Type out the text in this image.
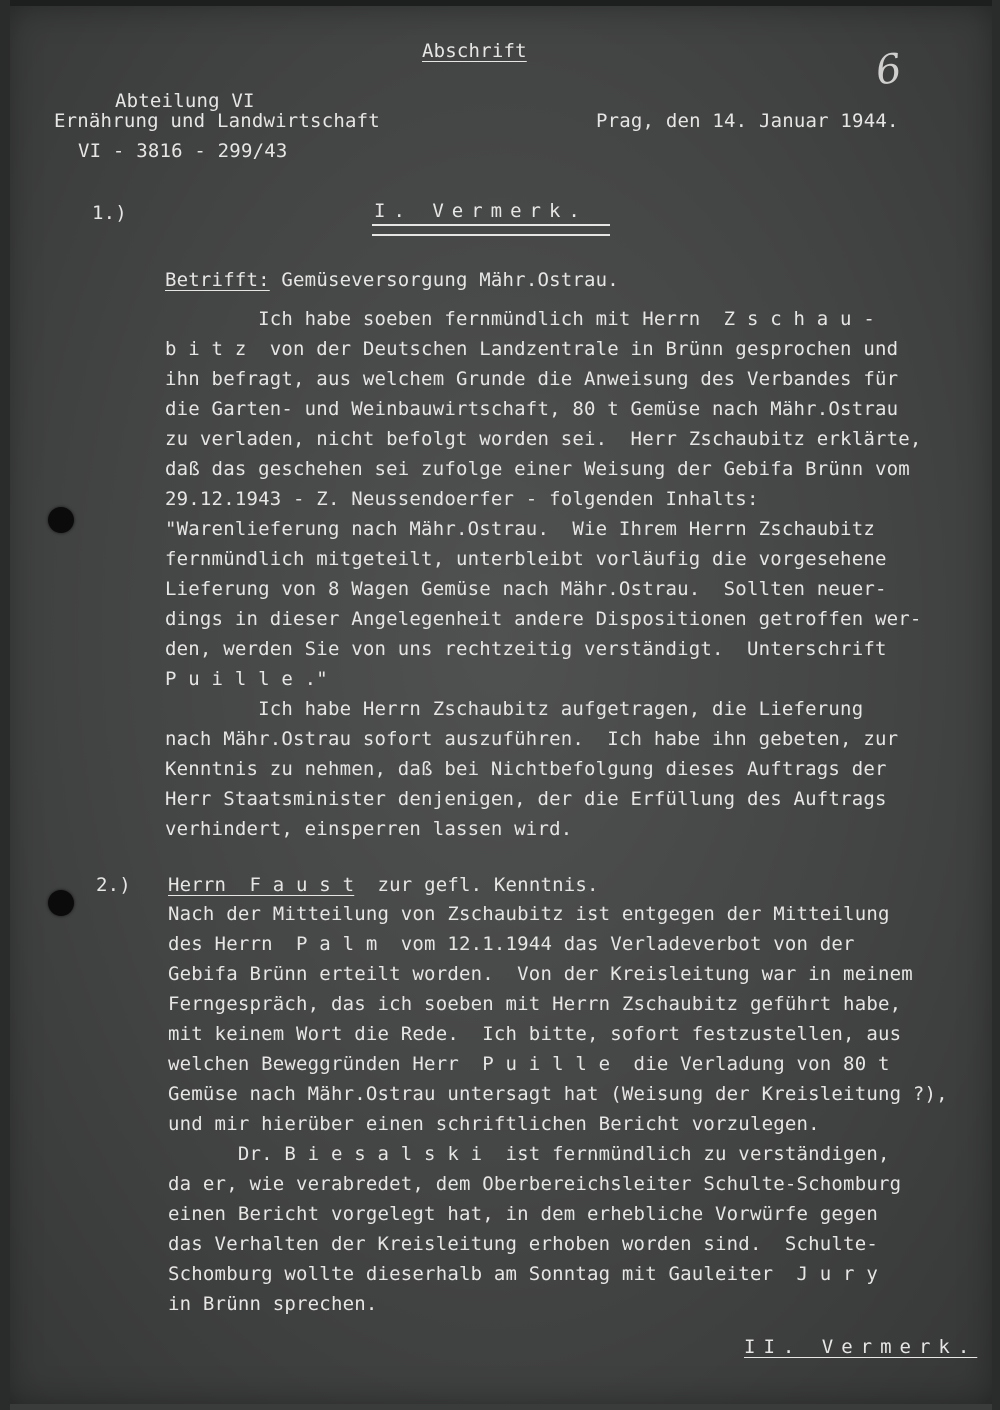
Abschrift	6

Abteilung VI

Ernährung und Landwirtschaft

VI - 3816 - 299/43

Prag, den 14. Januar 1944.

1.)	I. Vermerk.

Betrifft: Gemüseversorgung Mähr.Ostrau.

Ich habe soeben fernmündlich mit Herrn  Z s c h a u -

b i t z  von der Deutschen Landzentrale in Brünn gesprochen und

ihn befragt, aus welchem Grunde die Anweisung des Verbandes für

die Garten- und Weinbauwirtschaft, 80 t Gemüse nach Mähr.Ostrau

zu verladen, nicht befolgt worden sei.  Herr Zschaubitz erklärte,

daß das geschehen sei zufolge einer Weisung der Gebifa Brünn vom

29.12.1943 - Z. Neussendoerfer - folgenden Inhalts:

"Warenlieferung nach Mähr.Ostrau.  Wie Ihrem Herrn Zschaubitz

fernmündlich mitgeteilt, unterbleibt vorläufig die vorgesehene

Lieferung von 8 Wagen Gemüse nach Mähr.Ostrau.  Sollten neuer-

dings in dieser Angelegenheit andere Dispositionen getroffen wer-

den, werden Sie von uns rechtzeitig verständigt.  Unterschrift

P u i l l e ."

Ich habe Herrn Zschaubitz aufgetragen, die Lieferung

nach Mähr.Ostrau sofort auszuführen.  Ich habe ihn gebeten, zur

Kenntnis zu nehmen, daß bei Nichtbefolgung dieses Auftrags der

Herr Staatsminister denjenigen, der die Erfüllung des Auftrags

verhindert, einsperren lassen wird.

2.) Herrn  F a u s t  zur gefl. Kenntnis.

Nach der Mitteilung von Zschaubitz ist entgegen der Mitteilung

des Herrn  P a l m  vom 12.1.1944 das Verladeverbot von der

Gebifa Brünn erteilt worden.  Von der Kreisleitung war in meinem

Ferngespräch, das ich soeben mit Herrn Zschaubitz geführt habe,

mit keinem Wort die Rede.  Ich bitte, sofort festzustellen, aus

welchen Beweggründen Herr  P u i l l e  die Verladung von 80 t

Gemüse nach Mähr.Ostrau untersagt hat (Weisung der Kreisleitung ?),

und mir hierüber einen schriftlichen Bericht vorzulegen.

Dr. B i e s a l s k i  ist fernmündlich zu verständigen,

da er, wie verabredet, dem Oberbereichsleiter Schulte-Schomburg

einen Bericht vorgelegt hat, in dem erhebliche Vorwürfe gegen

das Verhalten der Kreisleitung erhoben worden sind.  Schulte-

Schomburg wollte dieserhalb am Sonntag mit Gauleiter  J u r y

in Brünn sprechen.

II. Vermerk.
